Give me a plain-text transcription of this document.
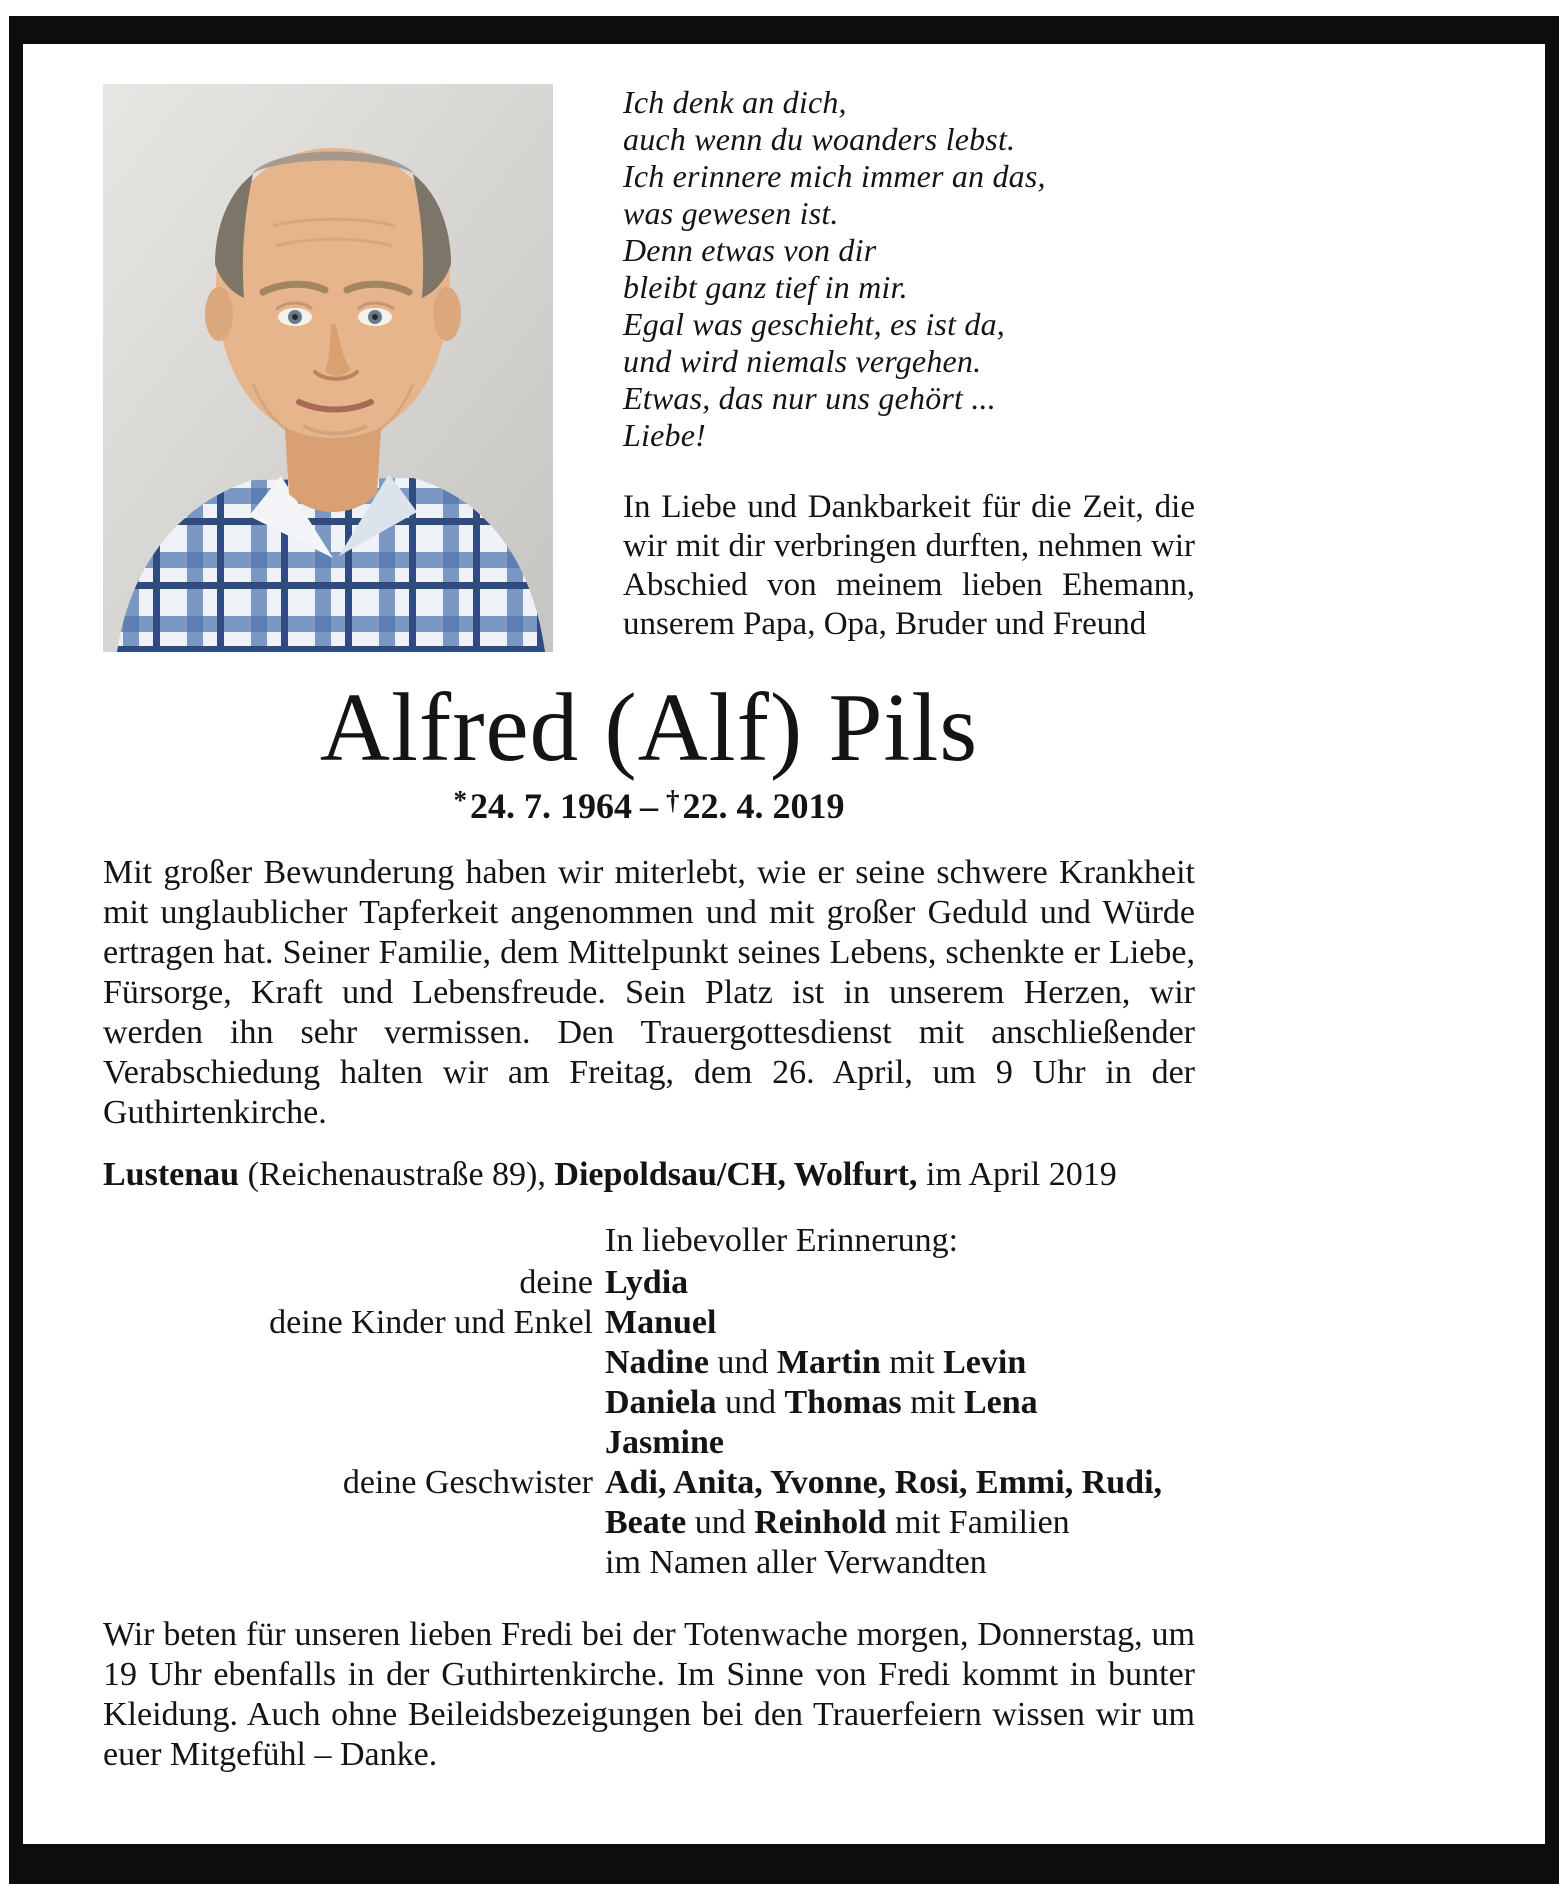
Ich denk an dich,
auch wenn du woanders lebst.
Ich erinnere mich immer an das,
was gewesen ist.
Denn etwas von dir
bleibt ganz tief in mir.
Egal was geschieht, es ist da,
und wird niemals vergehen.
Etwas, das nur uns gehört ...
Liebe!

In Liebe und Dankbarkeit für die Zeit, die wir mit dir verbringen durften, nehmen wir Abschied von meinem lieben Ehemann, unserem Papa, Opa, Bruder und Freund

Alfred (Alf) Pils
*24. 7. 1964 – †22. 4. 2019

Mit großer Bewunderung haben wir miterlebt, wie er seine schwere Krankheit mit unglaublicher Tapferkeit angenommen und mit großer Geduld und Würde ertragen hat. Seiner Familie, dem Mittelpunkt seines Lebens, schenkte er Liebe, Fürsorge, Kraft und Lebensfreude. Sein Platz ist in unserem Herzen, wir werden ihn sehr vermissen. Den Trauergottesdienst mit anschließender Verabschiedung halten wir am Freitag, dem 26. April, um 9 Uhr in der Guthirtenkirche.

Lustenau (Reichenaustraße 89), Diepoldsau/CH, Wolfurt, im April 2019

In liebevoller Erinnerung:
deine Lydia
deine Kinder und Enkel Manuel
Nadine und Martin mit Levin
Daniela und Thomas mit Lena
Jasmine
deine Geschwister Adi, Anita, Yvonne, Rosi, Emmi, Rudi,
Beate und Reinhold mit Familien
im Namen aller Verwandten

Wir beten für unseren lieben Fredi bei der Totenwache morgen, Donnerstag, um 19 Uhr ebenfalls in der Guthirtenkirche. Im Sinne von Fredi kommt in bunter Kleidung. Auch ohne Beileidsbezeigungen bei den Trauerfeiern wissen wir um euer Mitgefühl – Danke.
